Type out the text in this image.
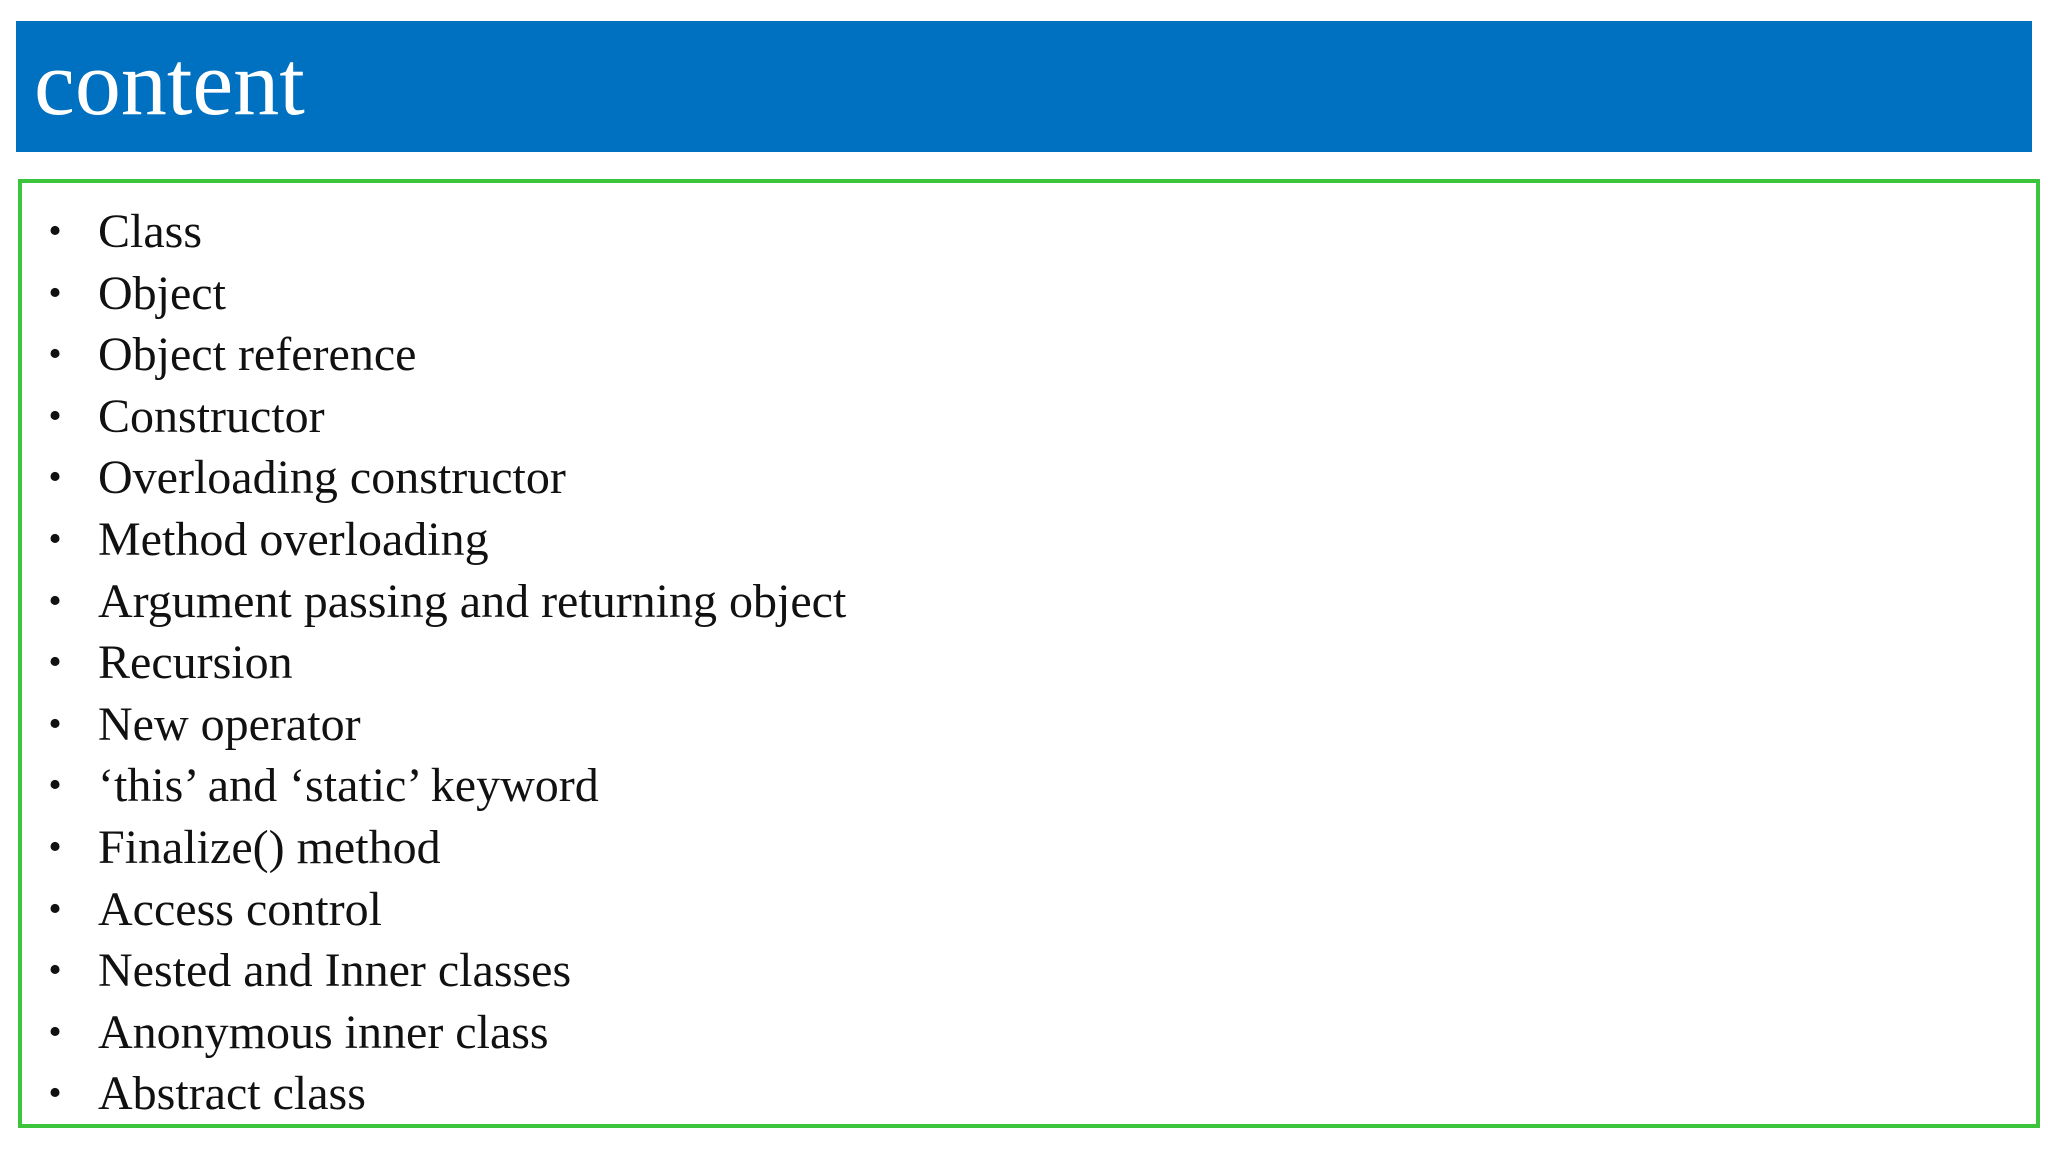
content
• Class
• Object
• Object reference
• Constructor
• Overloading constructor
• Method overloading
• Argument passing and returning object
• Recursion
• New operator
• ‘this’ and ‘static’ keyword
• Finalize() method
• Access control
• Nested and Inner classes
• Anonymous inner class
• Abstract class
